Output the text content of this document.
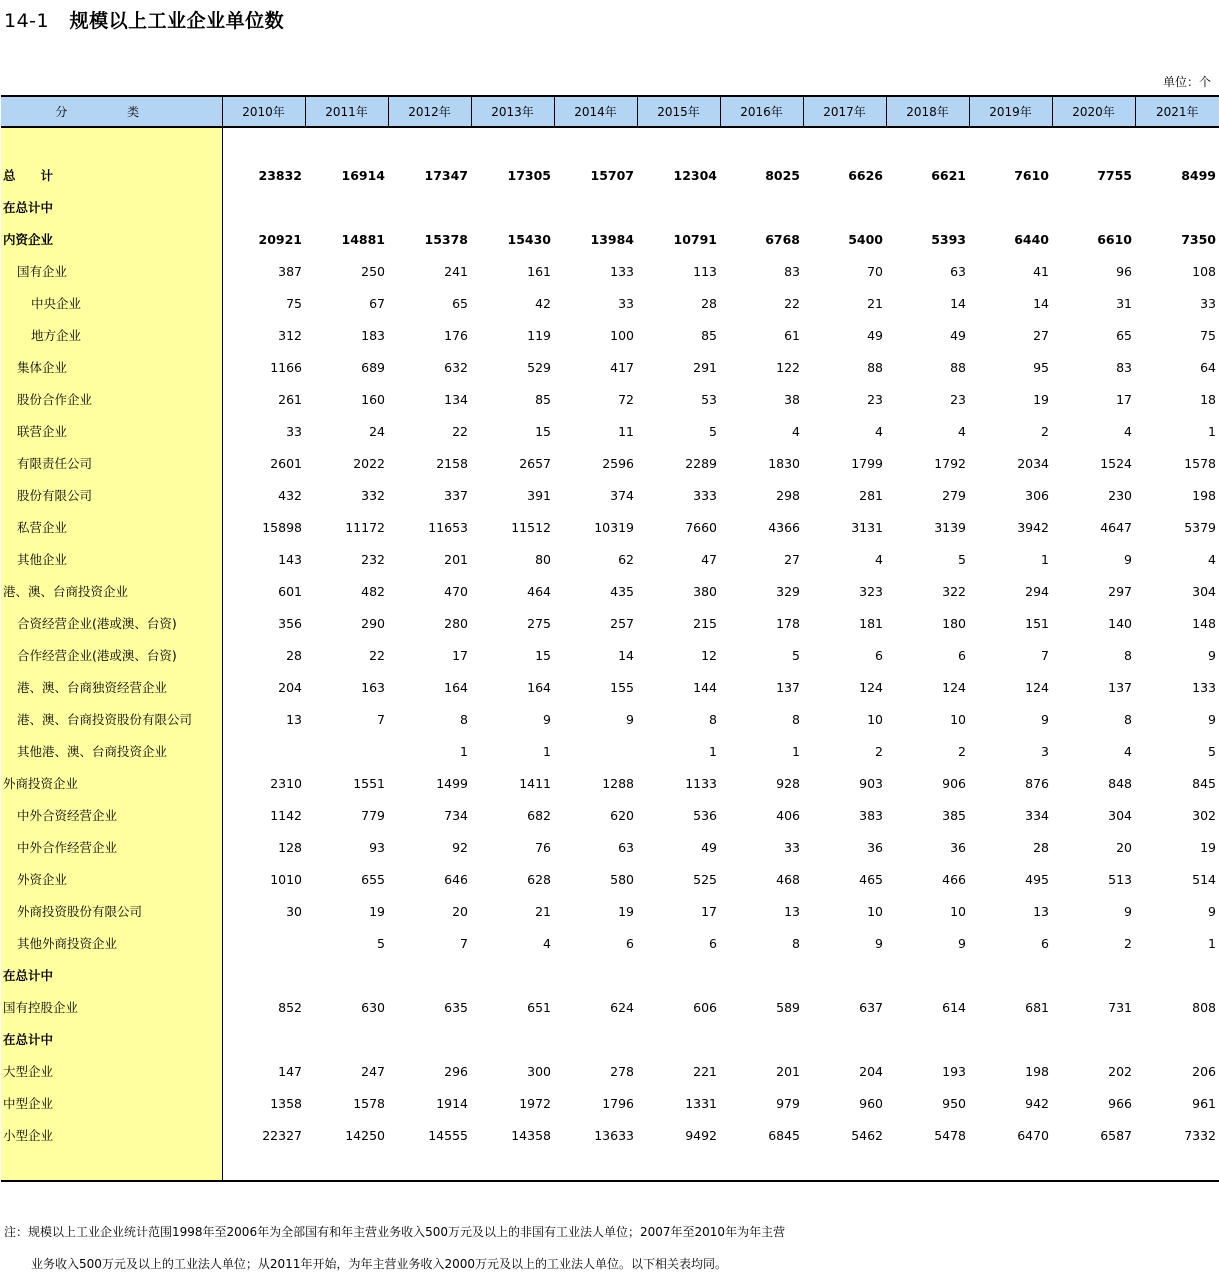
14-1 规模以上工业企业单位数
单位：个
分 类	2010年	2011年	2012年	2013年	2014年	2015年	2016年	2017年	2018年	2019年	2020年	2021年

总　　计	23832	16914	17347	17305	15707	12304	8025	6626	6621	7610	7755	8499
在总计中												
内资企业	20921	14881	15378	15430	13984	10791	6768	5400	5393	6440	6610	7350
国有企业	387	250	241	161	133	113	83	70	63	41	96	108
中央企业	75	67	65	42	33	28	22	21	14	14	31	33
地方企业	312	183	176	119	100	85	61	49	49	27	65	75
集体企业	1166	689	632	529	417	291	122	88	88	95	83	64
股份合作企业	261	160	134	85	72	53	38	23	23	19	17	18
联营企业	33	24	22	15	11	5	4	4	4	2	4	1
有限责任公司	2601	2022	2158	2657	2596	2289	1830	1799	1792	2034	1524	1578
股份有限公司	432	332	337	391	374	333	298	281	279	306	230	198
私营企业	15898	11172	11653	11512	10319	7660	4366	3131	3139	3942	4647	5379
其他企业	143	232	201	80	62	47	27	4	5	1	9	4
港、澳、台商投资企业	601	482	470	464	435	380	329	323	322	294	297	304
合资经营企业(港或澳、台资)	356	290	280	275	257	215	178	181	180	151	140	148
合作经营企业(港或澳、台资)	28	22	17	15	14	12	5	6	6	7	8	9
港、澳、台商独资经营企业	204	163	164	164	155	144	137	124	124	124	137	133
港、澳、台商投资股份有限公司	13	7	8	9	9	8	8	10	10	9	8	9
其他港、澳、台商投资企业			1	1		1	1	2	2	3	4	5
外商投资企业	2310	1551	1499	1411	1288	1133	928	903	906	876	848	845
中外合资经营企业	1142	779	734	682	620	536	406	383	385	334	304	302
中外合作经营企业	128	93	92	76	63	49	33	36	36	28	20	19
外资企业	1010	655	646	628	580	525	468	465	466	495	513	514
外商投资股份有限公司	30	19	20	21	19	17	13	10	10	13	9	9
其他外商投资企业		5	7	4	6	6	8	9	9	6	2	1
在总计中												
国有控股企业	852	630	635	651	624	606	589	637	614	681	731	808
在总计中												
大型企业	147	247	296	300	278	221	201	204	193	198	202	206
中型企业	1358	1578	1914	1972	1796	1331	979	960	950	942	966	961
小型企业	22327	14250	14555	14358	13633	9492	6845	5462	5478	6470	6587	7332
注：规模以上工业企业统计范围1998年至2006年为全部国有和年主营业务收入500万元及以上的非国有工业法人单位；2007年至2010年为年主营
业务收入500万元及以上的工业法人单位；从2011年开始，为年主营业务收入2000万元及以上的工业法人单位。以下相关表均同。
